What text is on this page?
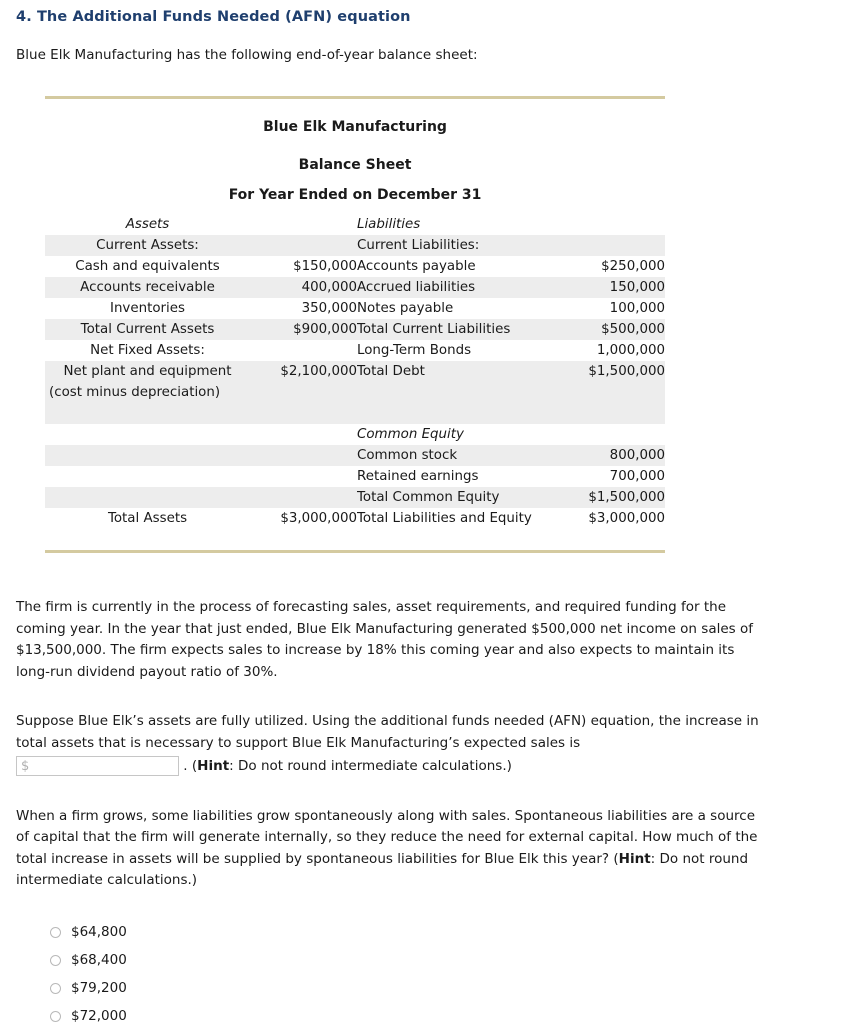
4. The Additional Funds Needed (AFN) equation
Blue Elk Manufacturing has the following end-of-year balance sheet:
Blue Elk Manufacturing			
Balance Sheet			
For Year Ended on December 31			
Assets		Liabilities	
Current Assets:		Current Liabilities:	
Cash and equivalents	$150,000	Accounts payable	$250,000
Accounts receivable	400,000	Accrued liabilities	150,000
Inventories	350,000	Notes payable	100,000
Total Current Assets	$900,000	Total Current Liabilities	$500,000
Net Fixed Assets:		Long-Term Bonds	1,000,000
Net plant and equipment	$2,100,000	Total Debt	$1,500,000
(cost minus depreciation)			

		Common Equity	
		Common stock	800,000
		Retained earnings	700,000
		Total Common Equity	$1,500,000
Total Assets	$3,000,000	Total Liabilities and Equity	$3,000,000

The firm is currently in the process of forecasting sales, asset requirements, and required funding for the coming year. In the year that just ended, Blue Elk Manufacturing generated $500,000 net income on sales of $13,500,000. The firm expects sales to increase by 18% this coming year and also expects to maintain its long-run dividend payout ratio of 30%.
Suppose Blue Elk’s assets are fully utilized. Using the additional funds needed (AFN) equation, the increase in total assets that is necessary to support Blue Elk Manufacturing’s expected sales is
$ . (Hint: Do not round intermediate calculations.)
When a firm grows, some liabilities grow spontaneously along with sales. Spontaneous liabilities are a source of capital that the firm will generate internally, so they reduce the need for external capital. How much of the total increase in assets will be supplied by spontaneous liabilities for Blue Elk this year? (Hint: Do not round intermediate calculations.)
$64,800
$68,400
$79,200
$72,000
